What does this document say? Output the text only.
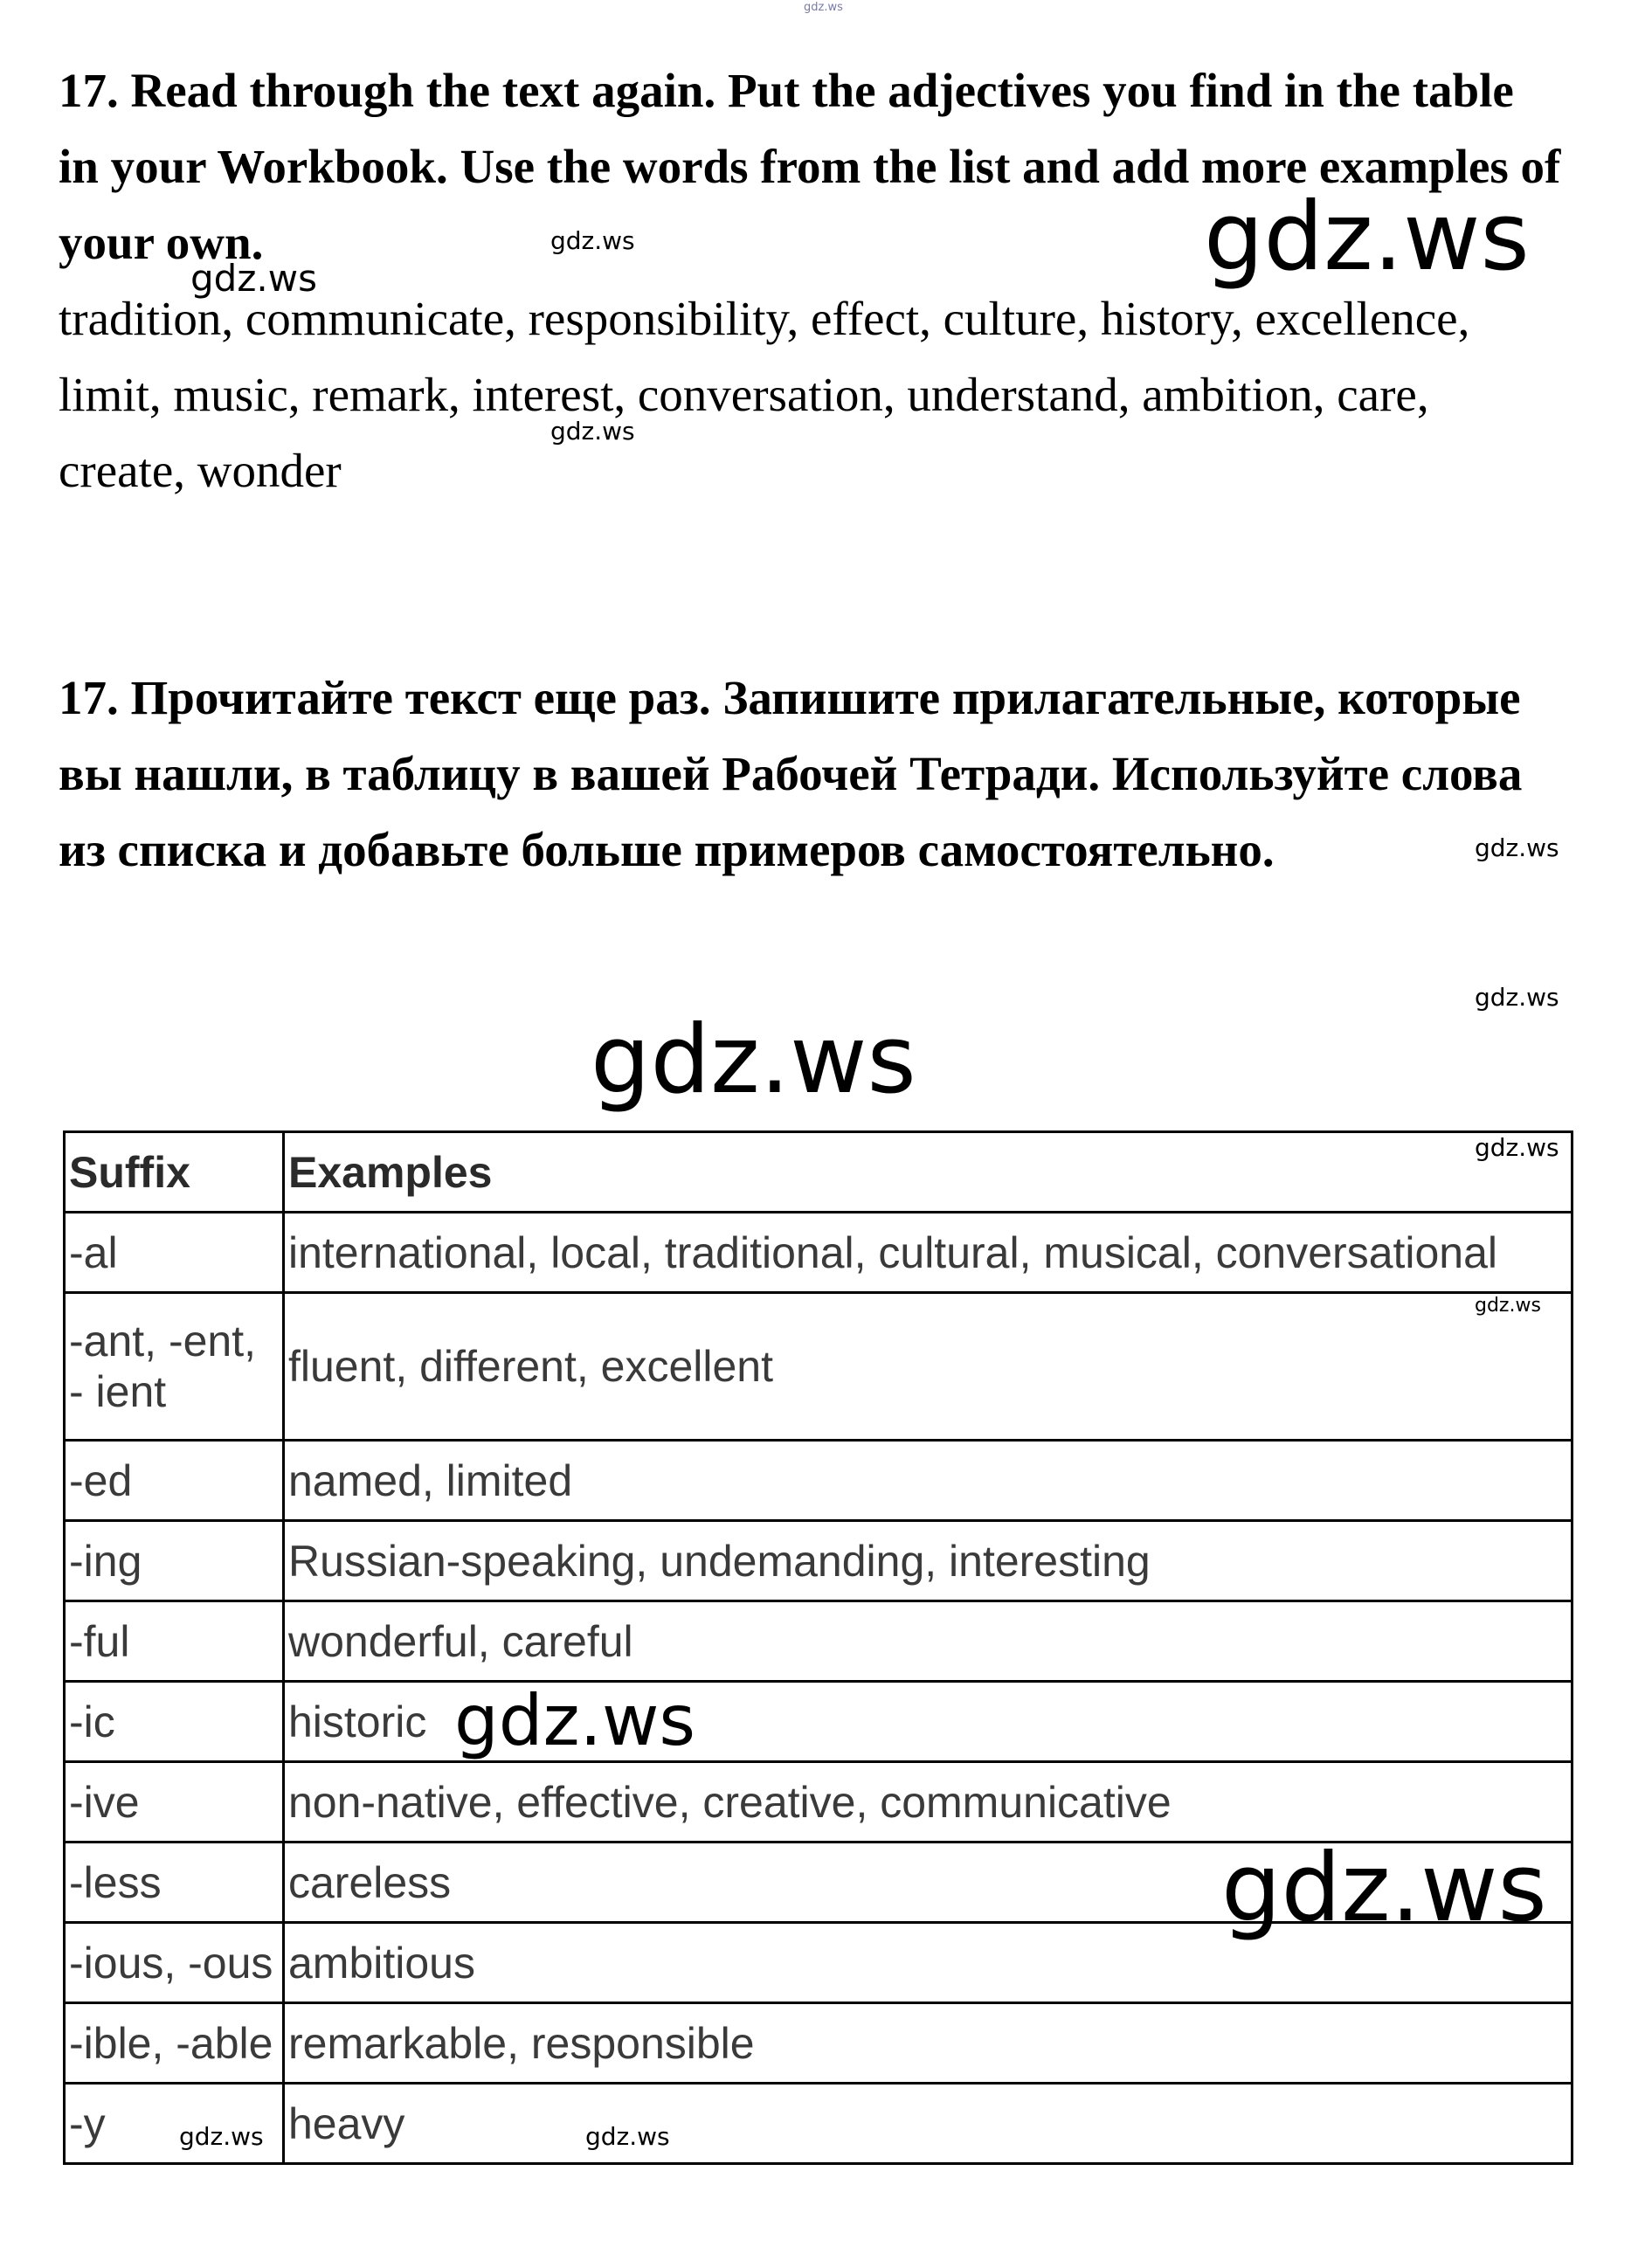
17. Read through the text again. Put the adjectives you find in the table in your Workbook. Use the words from the list and add more examples of your own.
tradition, communicate, responsibility, effect, culture, history, excellence, limit, music, remark, interest, conversation, understand, ambition, care, create, wonder
17. Прочитайте текст еще раз. Запишите прилагательные, которые вы нашли, в таблицу в вашей Рабочей Тетради. Используйте слова из списка и добавьте больше примеров самостоятельно.
Suffix	Examples
-al	international, local, traditional, cultural, musical, conversational
-ant, -ent, - ient	fluent, different, excellent
-ed	named, limited
-ing	Russian-speaking, undemanding, interesting
-ful	wonderful, careful
-ic	historic
-ive	non-native, effective, creative, communicative
-less	careless
-ious, -ous	ambitious
-ible, -able	remarkable, responsible
-y	heavy
gdz.ws
gdz.ws
gdz.ws
gdz.ws
gdz.ws
gdz.ws
gdz.ws
gdz.ws
gdz.ws
gdz.ws
gdz.ws
gdz.ws
gdz.ws	gdz.ws
